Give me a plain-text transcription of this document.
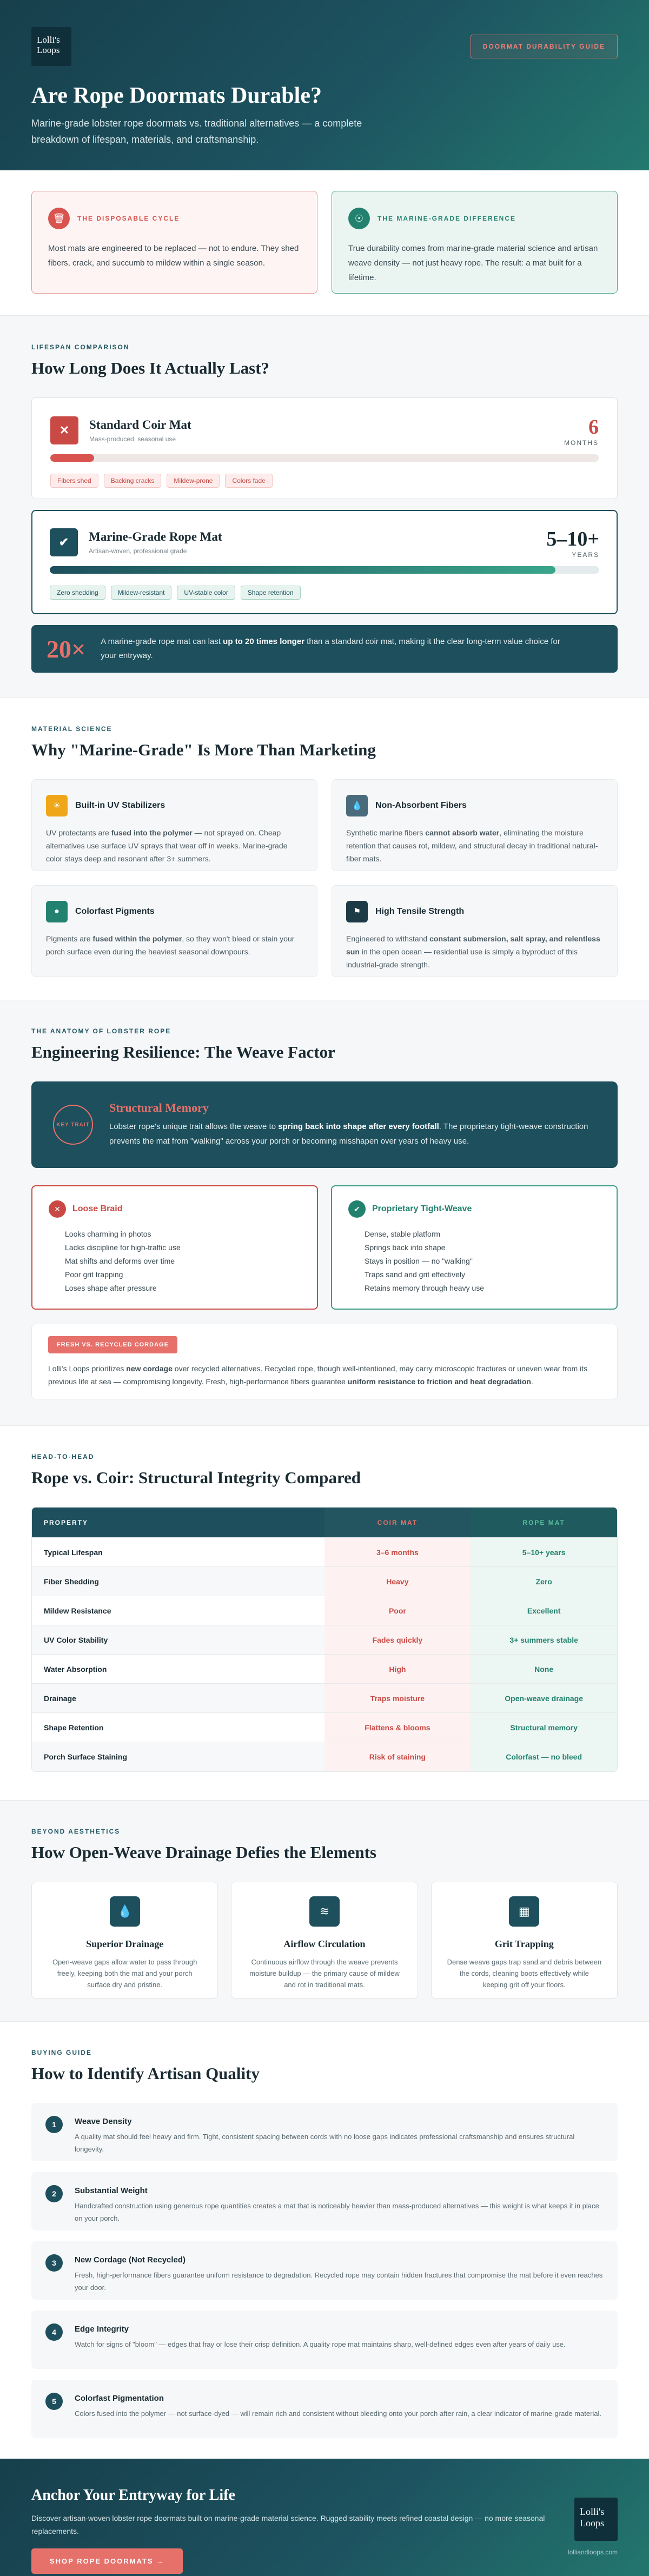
Lolli's Loops	DOORMAT DURABILITY GUIDE
Are Rope Doormats Durable?

Marine-grade lobster rope doormats vs. traditional alternatives — a complete breakdown of lifespan, materials, and craftsmanship.

🗑	THE DISPOSABLE CYCLE
Most mats are engineered to be replaced — not to endure. They shed fibers, crack, and succumb to mildew within a single season.
☉	THE MARINE-GRADE DIFFERENCE
True durability comes from marine-grade material science and artisan weave density — not just heavy rope. The result: a mat built for a lifetime.
LIFESPAN COMPARISON
How Long Does It Actually Last?
✕	Standard Coir Mat
Mass-produced, seasonal use
6
MONTHS
Fibers shed	Backing cracks	Mildew-prone	Colors fade
✔	Marine-Grade Rope Mat
Artisan-woven, professional grade
5–10+
YEARS
Zero shedding	Mildew-resistant	UV-stable color	Shape retention
20× A marine-grade rope mat can last up to 20 times longer than a standard coir mat, making it the clear long-term value choice for your entryway.
MATERIAL SCIENCE
Why "Marine-Grade" Is More Than Marketing
☀	Built-in UV Stabilizers
UV protectants are fused into the polymer — not sprayed on. Cheap alternatives use surface UV sprays that wear off in weeks. Marine-grade color stays deep and resonant after 3+ summers.
💧	Non-Absorbent Fibers
Synthetic marine fibers cannot absorb water, eliminating the moisture retention that causes rot, mildew, and structural decay in traditional natural-fiber mats.
●	Colorfast Pigments
Pigments are fused within the polymer, so they won't bleed or stain your porch surface even during the heaviest seasonal downpours.
⚑	High Tensile Strength
Engineered to withstand constant submersion, salt spray, and relentless sun in the open ocean — residential use is simply a byproduct of this industrial-grade strength.
THE ANATOMY OF LOBSTER ROPE
Engineering Resilience: The Weave Factor
KEY TRAIT
Structural Memory
Lobster rope's unique trait allows the weave to spring back into shape after every footfall. The proprietary tight-weave construction prevents the mat from "walking" across your porch or becoming misshapen over years of heavy use.
✕	Loose Braid
Looks charming in photos
Lacks discipline for high-traffic use
Mat shifts and deforms over time
Poor grit trapping
Loses shape after pressure
✔	Proprietary Tight-Weave
Dense, stable platform
Springs back into shape
Stays in position — no "walking"
Traps sand and grit effectively
Retains memory through heavy use
FRESH VS. RECYCLED CORDAGE
Lolli's Loops prioritizes new cordage over recycled alternatives. Recycled rope, though well-intentioned, may carry microscopic fractures or uneven wear from its previous life at sea — compromising longevity. Fresh, high-performance fibers guarantee uniform resistance to friction and heat degradation.
HEAD-TO-HEAD
Rope vs. Coir: Structural Integrity Compared
PROPERTY	COIR MAT	ROPE MAT
Typical Lifespan	3–6 months	5–10+ years
Fiber Shedding	Heavy	Zero
Mildew Resistance	Poor	Excellent
UV Color Stability	Fades quickly	3+ summers stable
Water Absorption	High	None
Drainage	Traps moisture	Open-weave drainage
Shape Retention	Flattens & blooms	Structural memory
Porch Surface Staining	Risk of staining	Colorfast — no bleed
BEYOND AESTHETICS
How Open-Weave Drainage Defies the Elements
💧
Superior Drainage
Open-weave gaps allow water to pass through freely, keeping both the mat and your porch surface dry and pristine.
≋
Airflow Circulation
Continuous airflow through the weave prevents moisture buildup — the primary cause of mildew and rot in traditional mats.
▦
Grit Trapping
Dense weave gaps trap sand and debris between the cords, cleaning boots effectively while keeping grit off your floors.
BUYING GUIDE
How to Identify Artisan Quality
1	Weave Density
A quality mat should feel heavy and firm. Tight, consistent spacing between cords with no loose gaps indicates professional craftsmanship and ensures structural longevity.
2	Substantial Weight
Handcrafted construction using generous rope quantities creates a mat that is noticeably heavier than mass-produced alternatives — this weight is what keeps it in place on your porch.
3	New Cordage (Not Recycled)
Fresh, high-performance fibers guarantee uniform resistance to degradation. Recycled rope may contain hidden fractures that compromise the mat before it even reaches your door.
4	Edge Integrity
Watch for signs of "bloom" — edges that fray or lose their crisp definition. A quality rope mat maintains sharp, well-defined edges even after years of daily use.
5	Colorfast Pigmentation
Colors fused into the polymer — not surface-dyed — will remain rich and consistent without bleeding onto your porch after rain, a clear indicator of marine-grade material.
Anchor Your Entryway for Life

Discover artisan-woven lobster rope doormats built on marine-grade material science. Rugged stability meets refined coastal design — no more seasonal replacements.

SHOP ROPE DOORMATS →
Lolli's Loops
lolliandloops.com
